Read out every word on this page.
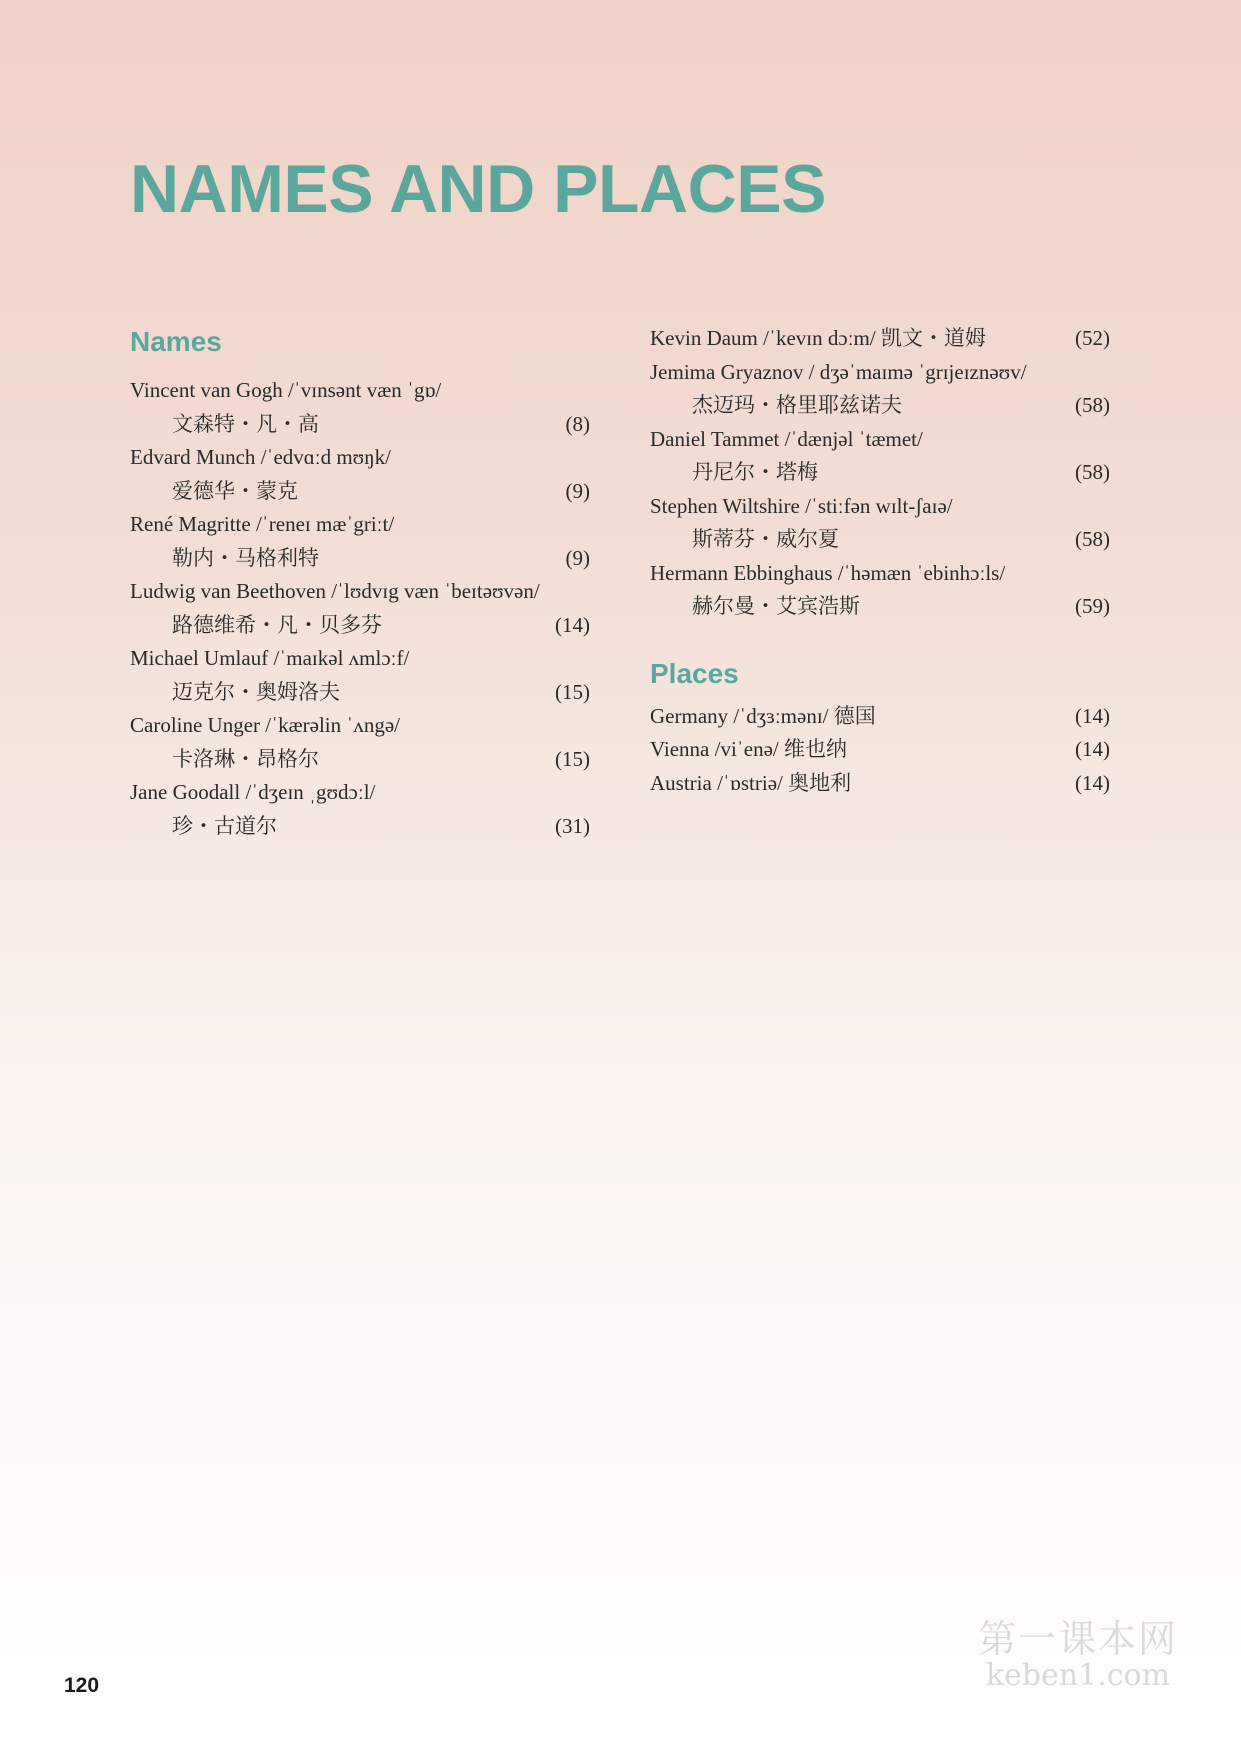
NAMES AND PLACES
Names
Vincent van Gogh /ˈvɪnsənt væn ˈgɒ/
文森特・凡・高	(8)
Edvard Munch /ˈedvɑːd mʊŋk/
爱德华・蒙克	(9)
René Magritte /ˈreneɪ mæˈgriːt/
勒内・马格利特	(9)
Ludwig van Beethoven /ˈlʊdvɪg væn ˈbeɪtəʊvən/
路德维希・凡・贝多芬	(14)
Michael Umlauf /ˈmaɪkəl ʌmlɔːf/
迈克尔・奥姆洛夫	(15)
Caroline Unger /ˈkærəlin ˈʌngə/
卡洛琳・昂格尔	(15)
Jane Goodall /ˈdʒeɪn ˌgʊdɔːl/
珍・古道尔	(31)
Kevin Daum /ˈkevɪn dɔːm/ 凯文・道姆	(52)
Jemima Gryaznov / dʒəˈmaɪmə ˈgrɪjeɪznəʊv/
杰迈玛・格里耶兹诺夫	(58)
Daniel Tammet /ˈdænjəl ˈtæmet/
丹尼尔・塔梅	(58)
Stephen Wiltshire /ˈstiːfən wɪlt-ʃaɪə/
斯蒂芬・威尔夏	(58)
Hermann Ebbinghaus /ˈhəmæn ˈebinhɔːls/
赫尔曼・艾宾浩斯	(59)
Places
Germany /ˈdʒɜːmənɪ/ 德国	(14)
Vienna /viˈenə/ 维也纳	(14)
Austria /ˈɒstriə/ 奥地利	(14)
120
第一课本网
keben1.com
